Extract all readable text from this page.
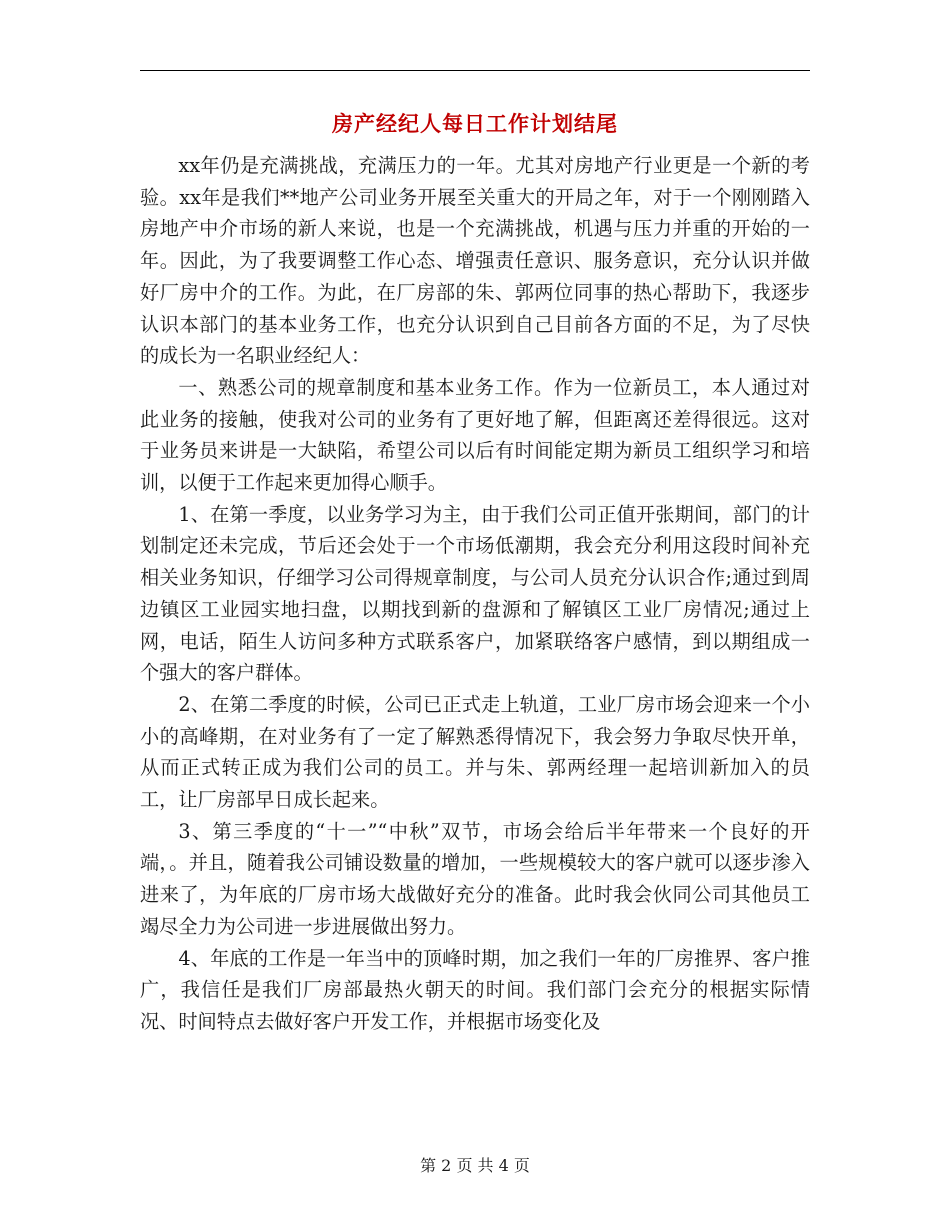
房产经纪人每日工作计划结尾

xx年仍是充满挑战，充满压力的一年。尤其对房地产行业更是一个新的考验。xx年是我们**地产公司业务开展至关重大的开局之年，对于一个刚刚踏入房地产中介市场的新人来说，也是一个充满挑战，机遇与压力并重的开始的一年。因此，为了我要调整工作心态、增强责任意识、服务意识，充分认识并做好厂房中介的工作。为此，在厂房部的朱、郭两位同事的热心帮助下，我逐步认识本部门的基本业务工作，也充分认识到自己目前各方面的不足，为了尽快的成长为一名职业经纪人：

一、熟悉公司的规章制度和基本业务工作。作为一位新员工，本人通过对此业务的接触，使我对公司的业务有了更好地了解，但距离还差得很远。这对于业务员来讲是一大缺陷，希望公司以后有时间能定期为新员工组织学习和培训，以便于工作起来更加得心顺手。

1、在第一季度，以业务学习为主，由于我们公司正值开张期间，部门的计划制定还未完成，节后还会处于一个市场低潮期，我会充分利用这段时间补充相关业务知识，仔细学习公司得规章制度，与公司人员充分认识合作;通过到周边镇区工业园实地扫盘，以期找到新的盘源和了解镇区工业厂房情况;通过上网，电话，陌生人访问多种方式联系客户，加紧联络客户感情，到以期组成一个强大的客户群体。

2、在第二季度的时候，公司已正式走上轨道，工业厂房市场会迎来一个小小的高峰期，在对业务有了一定了解熟悉得情况下，我会努力争取尽快开单，从而正式转正成为我们公司的员工。并与朱、郭两经理一起培训新加入的员工，让厂房部早日成长起来。

3、第三季度的“十一”“中秋”双节，市场会给后半年带来一个良好的开端，。并且，随着我公司铺设数量的增加，一些规模较大的客户就可以逐步渗入进来了，为年底的厂房市场大战做好充分的准备。此时我会伙同公司其他员工竭尽全力为公司进一步进展做出努力。

4、年底的工作是一年当中的顶峰时期，加之我们一年的厂房推界、客户推广，我信任是我们厂房部最热火朝天的时间。我们部门会充分的根据实际情况、时间特点去做好客户开发工作，并根据市场变化及

第 2 页 共 4 页
